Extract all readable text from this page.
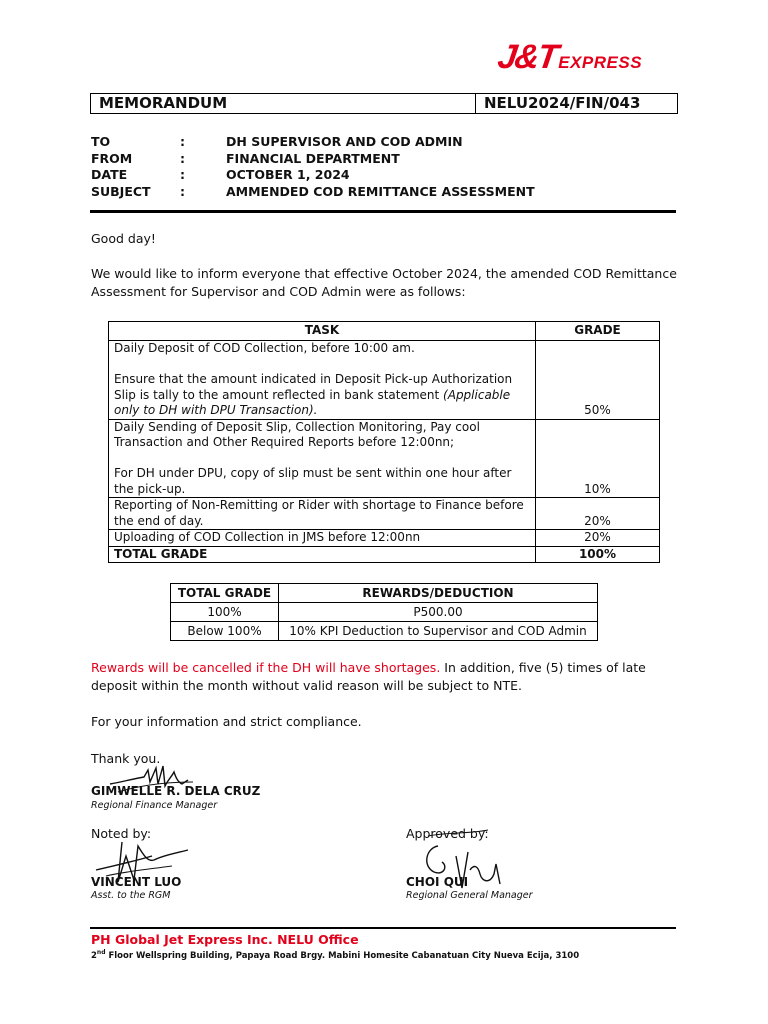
J&T EXPRESS
MEMORANDUM	NELU2024/FIN/043
TO	:	DH SUPERVISOR AND COD ADMIN
FROM	:	FINANCIAL DEPARTMENT
DATE	:	OCTOBER 1, 2024
SUBJECT	:	AMMENDED COD REMITTANCE ASSESSMENT
Good day!
We would like to inform everyone that effective October 2024, the amended COD Remittance Assessment for Supervisor and COD Admin were as follows:
TASK	GRADE

Daily Deposit of COD Collection, before 10:00 am.
Ensure that the amount indicated in Deposit Pick-up Authorization Slip is tally to the amount reflected in bank statement (Applicable only to DH with DPU Transaction).	50%

Daily Sending of Deposit Slip, Collection Monitoring, Pay cool Transaction and Other Required Reports before 12:00nn;
For DH under DPU, copy of slip must be sent within one hour after the pick-up.	10%
Reporting of Non-Remitting or Rider with shortage to Finance before the end of day.	20%
Uploading of COD Collection in JMS before 12:00nn	20%
TOTAL GRADE	100%
TOTAL GRADE	REWARDS/DEDUCTION
100%	P500.00
Below 100%	10% KPI Deduction to Supervisor and COD Admin
Rewards will be cancelled if the DH will have shortages. In addition, five (5) times of late deposit within the month without valid reason will be subject to NTE.
For your information and strict compliance.
Thank you.
GIMWELLE R. DELA CRUZ
Regional Finance Manager
Noted by:
VINCENT LUO
Asst. to the RGM
Approved by:
CHOI QUI
Regional General Manager
PH Global Jet Express Inc. NELU Office
2nd Floor Wellspring Building, Papaya Road Brgy. Mabini Homesite Cabanatuan City Nueva Ecija, 3100
